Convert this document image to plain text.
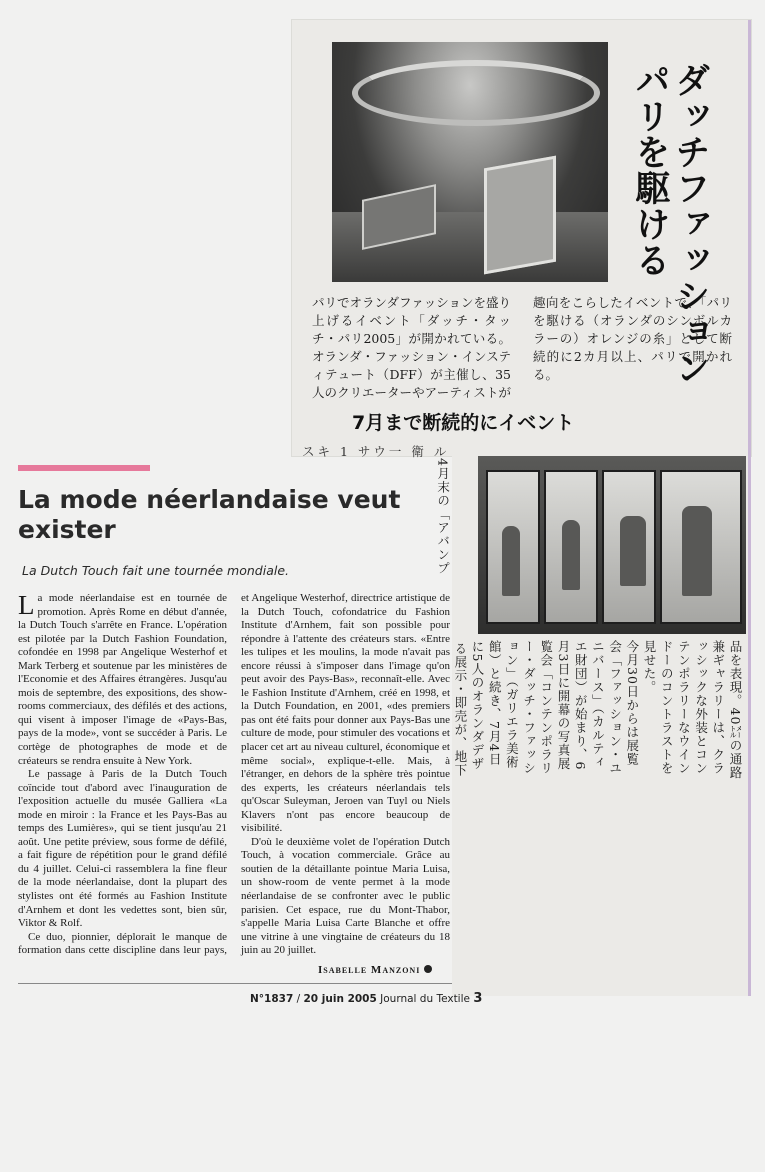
ダッチファッション
パリを駆ける
パリでオランダファッションを盛り上げるイベント「ダッチ・タッチ・パリ2005」が開かれている。オランダ・ファッション・インスティテュート（DFF）が主催し、35人のクリエーターやアーティストが趣向をこらしたイベントで、「パリを駆ける（オランダのシンボルカラーの）オレンジの糸」として断続的に2カ月以上、パリで開かれる。
7月まで断続的にイベント
スキ 1 サウ一 衛 ル
品を表現。40㍍の通路
兼ギャラリーは、クラ
ッシックな外装とコン
テンポラリーなウイン
ドーのコントラストを
見せた。
今月30日からは展覧
会「ファッション・ユ
ニバース」（カルティ
エ財団）が始まり、6
月3日に開幕の写真展
覧会「コンテンポラリ
ー・ダッチ・ファッシ
ョン」（ガリエラ美術
館）と続き、7月4日
に5人のオランダデザ
る展示・即売が、地下
4月末の「アバンプ
La mode néerlandaise veut exister
La Dutch Touch fait une tournée mondiale.

La mode néerlandaise est en tournée de promotion. Après Rome en début d'année, la Dutch Touch s'arrête en France. L'opération est pilotée par la Dutch Fashion Foundation, cofondée en 1998 par Angelique Westerhof et Mark Terberg et soutenue par les ministères de l'Economie et des Affaires étrangères. Jusqu'au mois de septembre, des expositions, des show-rooms commerciaux, des défilés et des actions, qui visent à imposer l'image de «Pays-Bas, pays de la mode», vont se succéder à Paris. Le cortège de photographes de mode et de créateurs se rendra ensuite à New York.

Le passage à Paris de la Dutch Touch coïncide tout d'abord avec l'inauguration de l'exposition actuelle du musée Galliera «La mode en miroir : la France et les Pays-Bas au temps des Lumières», qui se tient jusqu'au 21 août. Une petite préview, sous forme de défilé, a fait figure de répétition pour le grand défilé du 4 juillet. Celui-ci rassemblera la fine fleur de la mode néerlandaise, dont la plupart des stylistes ont été formés au Fashion Institute d'Arnhem et dont les vedettes sont, bien sûr, Viktor & Rolf.

Ce duo, pionnier, déplorait le manque de formation dans cette discipline dans leur pays, et Angelique Westerhof, directrice artistique de la Dutch Touch, cofondatrice du Fashion Institute d'Arnhem, fait son possible pour répondre à l'attente des créateurs stars. «Entre les tulipes et les moulins, la mode n'avait pas encore réussi à s'imposer dans l'image qu'on peut avoir des Pays-Bas», reconnaît-elle. Avec le Fashion Institute d'Arnhem, créé en 1998, et la Dutch Foundation, en 2001, «des premiers pas ont été faits pour donner aux Pays-Bas une culture de mode, pour stimuler des vocations et placer cet art au niveau culturel, économique et même social», explique-t-elle. Mais, à l'étranger, en dehors de la sphère très pointue des experts, les créateurs néerlandais tels qu'Oscar Suleyman, Jeroen van Tuyl ou Niels Klavers n'ont pas encore beaucoup de visibilité.

D'où le deuxième volet de l'opération Dutch Touch, à vocation commerciale. Grâce au soutien de la détaillante pointue Maria Luisa, un show-room de vente permet à la mode néerlandaise de se confronter avec le public parisien. Cet espace, rue du Mont-Thabor, s'appelle Maria Luisa Carte Blanche et offre une vitrine à une vingtaine de créateurs du 18 juin au 20 juillet.

Isabelle Manzoni
N°1837 / 20 juin 2005 Journal du Textile 3
